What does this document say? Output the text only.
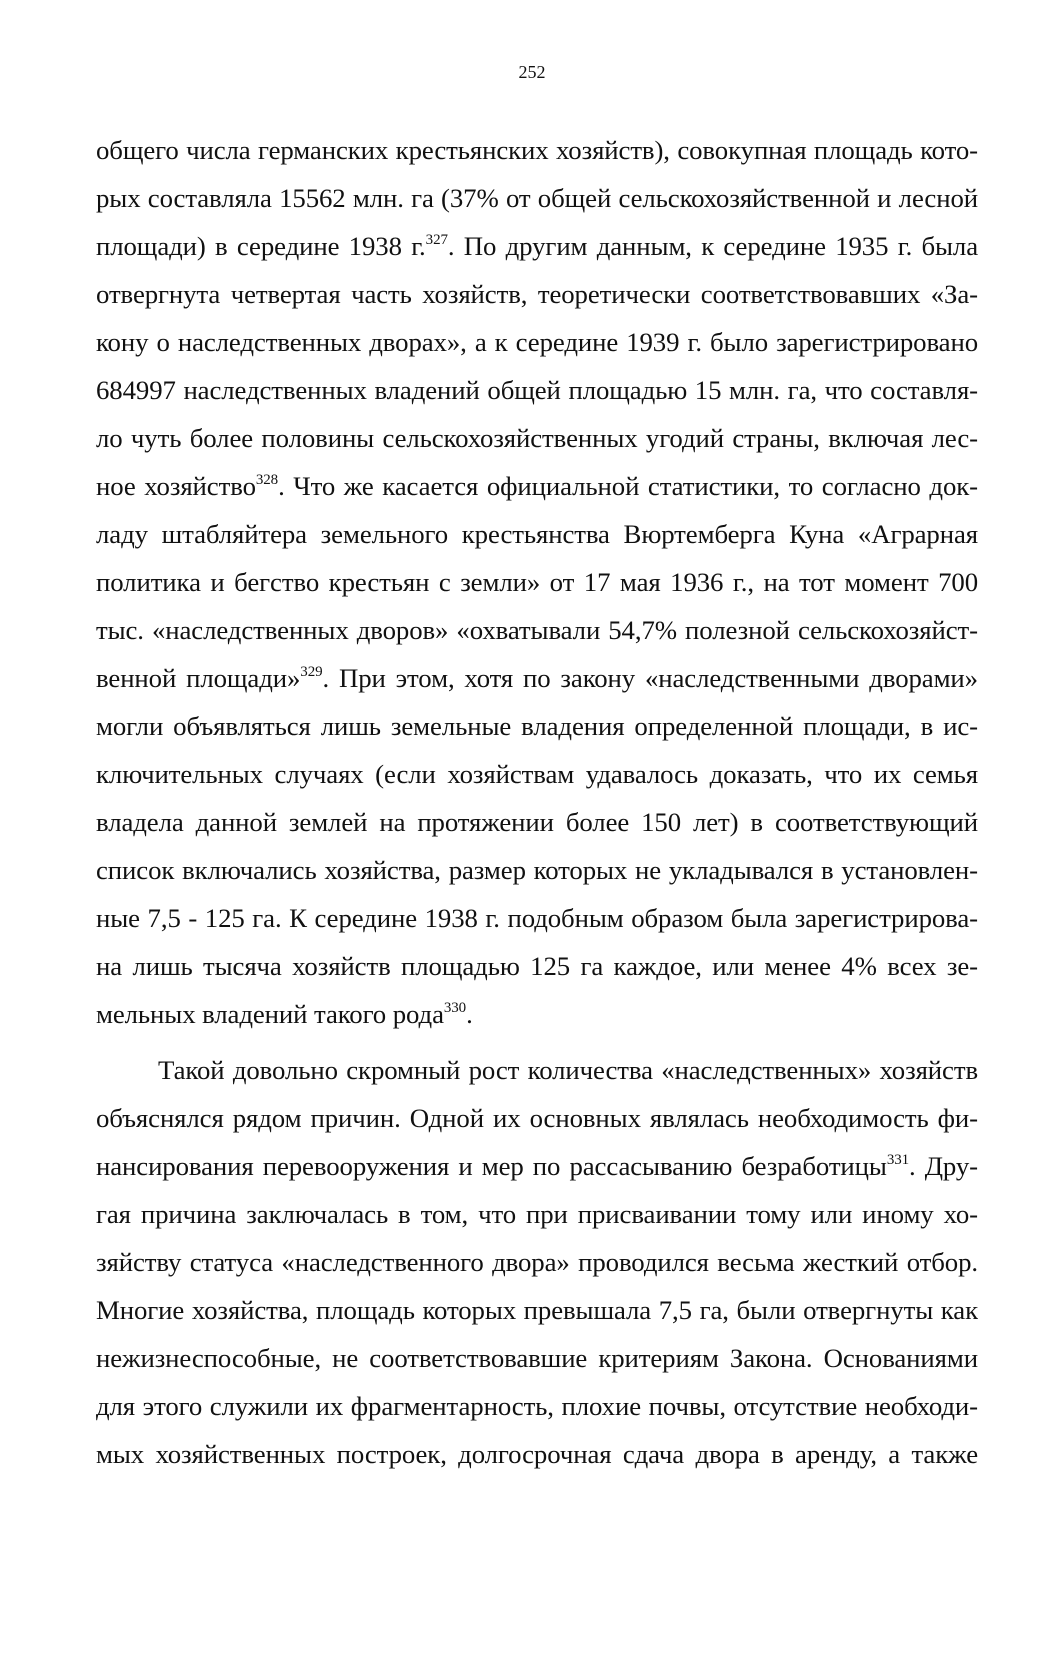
252
общего числа германских крестьянских хозяйств), совокупная площадь кото-
рых составляла 15562 млн. га (37% от общей сельскохозяйственной и лесной
площади) в середине 1938 г.$^{327}$. По другим данным, к середине 1935 г. была
отвергнута четвертая часть хозяйств, теоретически соответствовавших «За-
кону о наследственных дворах», а к середине 1939 г. было зарегистрировано
684997 наследственных владений общей площадью 15 млн. га, что составля-
ло чуть более половины сельскохозяйственных угодий страны, включая лес-
ное хозяйство$^{328}$. Что же касается официальной статистики, то согласно док-
ладу штабляйтера земельного крестьянства Вюртемберга Куна «Аграрная
политика и бегство крестьян с земли» от 17 мая 1936 г., на тот момент 700
тыс. «наследственных дворов» «охватывали 54,7% полезной сельскохозяйст-
венной площади»$^{329}$. При этом, хотя по закону «наследственными дворами»
могли объявляться лишь земельные владения определенной площади, в ис-
ключительных случаях (если хозяйствам удавалось доказать, что их семья
владела данной землей на протяжении более 150 лет) в соответствующий
список включались хозяйства, размер которых не укладывался в установлен-
ные 7,5 - 125 га. К середине 1938 г. подобным образом была зарегистрирова-
на лишь тысяча хозяйств площадью 125 га каждое, или менее 4% всех зе-
мельных владений такого рода$^{330}$.
Такой довольно скромный рост количества «наследственных» хозяйств
объяснялся рядом причин. Одной их основных являлась необходимость фи-
нансирования перевооружения и мер по рассасыванию безработицы$^{331}$. Дру-
гая причина заключалась в том, что при присваивании тому или иному хо-
зяйству статуса «наследственного двора» проводился весьма жесткий отбор.
Многие хозяйства, площадь которых превышала 7,5 га, были отвергнуты как
нежизнеспособные, не соответствовавшие критериям Закона. Основаниями
для этого служили их фрагментарность, плохие почвы, отсутствие необходи-
мых хозяйственных построек, долгосрочная сдача двора в аренду, а также
